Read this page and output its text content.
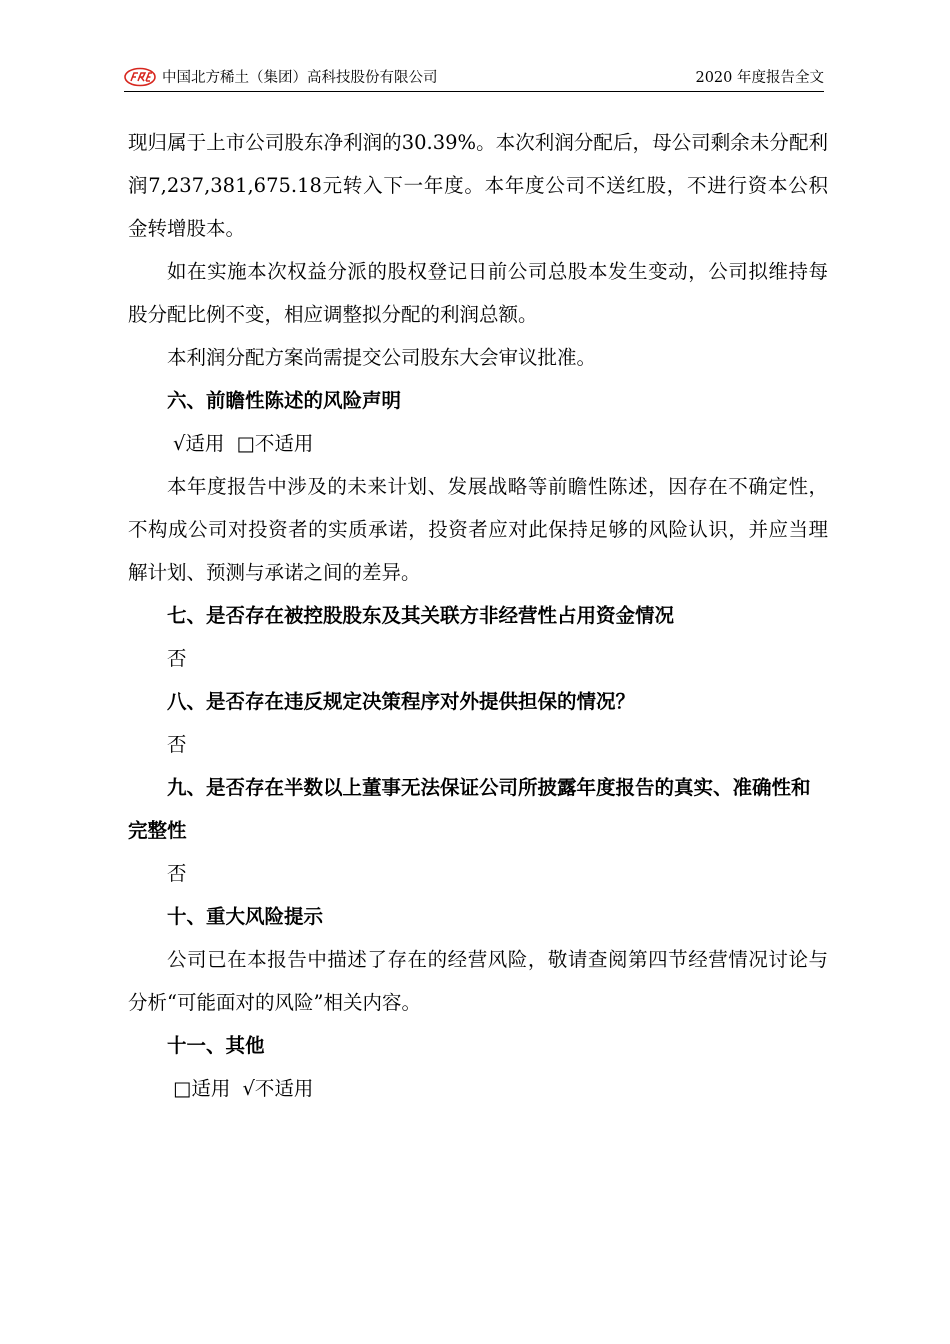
中国北方稀土（集团）高科技股份有限公司	2020 年度报告全文

现归属于上市公司股东净利润的30.39%。本次利润分配后，母公司剩余未分配利润7,237,381,675.18元转入下一年度。本年度公司不送红股，不进行资本公积金转增股本。

如在实施本次权益分派的股权登记日前公司总股本发生变动，公司拟维持每股分配比例不变，相应调整拟分配的利润总额。

本利润分配方案尚需提交公司股东大会审议批准。

六、前瞻性陈述的风险声明

√适用 □不适用

本年度报告中涉及的未来计划、发展战略等前瞻性陈述，因存在不确定性，不构成公司对投资者的实质承诺，投资者应对此保持足够的风险认识，并应当理解计划、预测与承诺之间的差异。

七、是否存在被控股股东及其关联方非经营性占用资金情况

否

八、是否存在违反规定决策程序对外提供担保的情况？

否

九、是否存在半数以上董事无法保证公司所披露年度报告的真实、准确性和完整性

否

十、重大风险提示

公司已在本报告中描述了存在的经营风险，敬请查阅第四节经营情况讨论与分析“可能面对的风险”相关内容。

十一、其他

□适用 √不适用
